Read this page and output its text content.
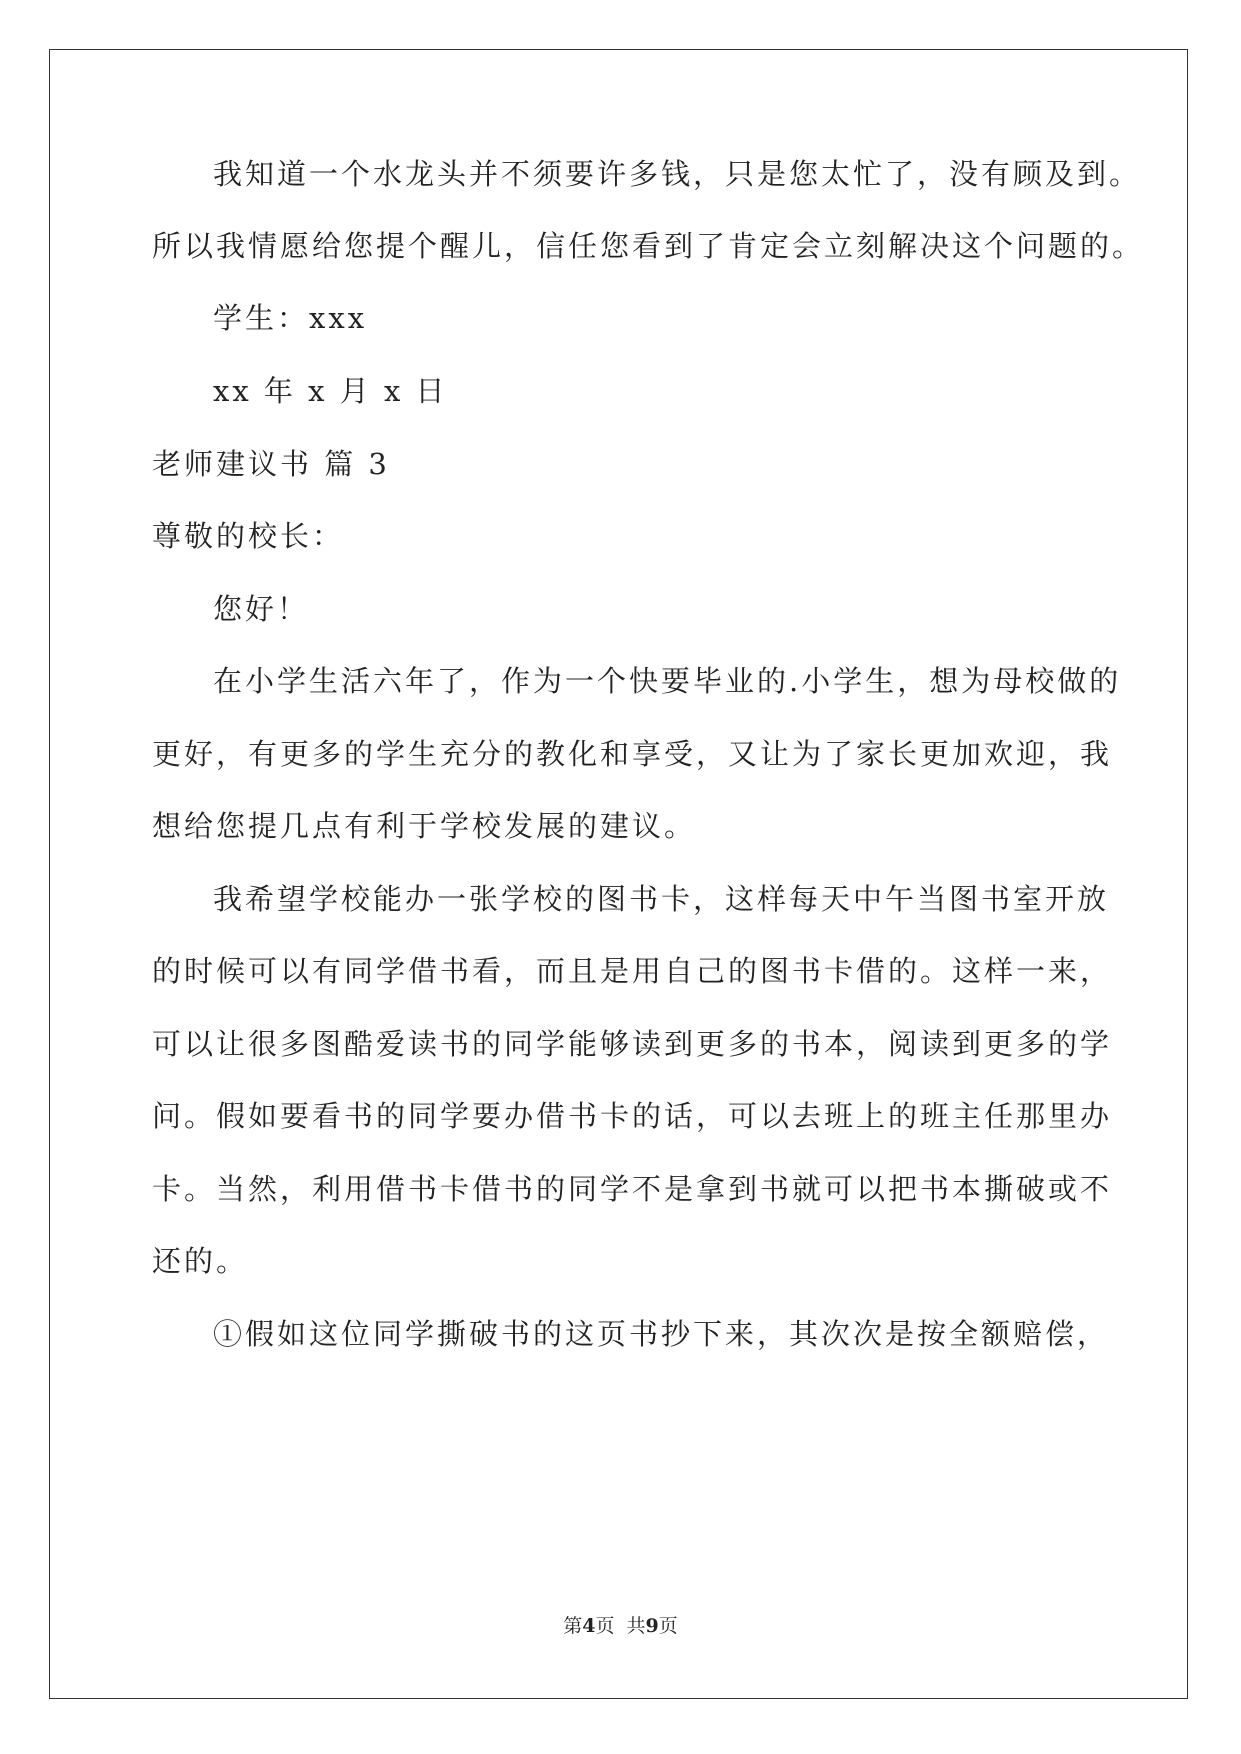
我知道一个水龙头并不须要许多钱，只是您太忙了，没有顾及到。
所以我情愿给您提个醒儿，信任您看到了肯定会立刻解决这个问题的。
学生：xxx
xx 年 x 月 x 日
老师建议书 篇 3
尊敬的校长：
您好！
在小学生活六年了，作为一个快要毕业的.小学生，想为母校做的
更好，有更多的学生充分的教化和享受，又让为了家长更加欢迎，我
想给您提几点有利于学校发展的建议。
我希望学校能办一张学校的图书卡，这样每天中午当图书室开放
的时候可以有同学借书看，而且是用自己的图书卡借的。这样一来，
可以让很多图酷爱读书的同学能够读到更多的书本，阅读到更多的学
问。假如要看书的同学要办借书卡的话，可以去班上的班主任那里办
卡。当然，利用借书卡借书的同学不是拿到书就可以把书本撕破或不
还的。
①假如这位同学撕破书的这页书抄下来，其次次是按全额赔偿，
第4页  共9页
